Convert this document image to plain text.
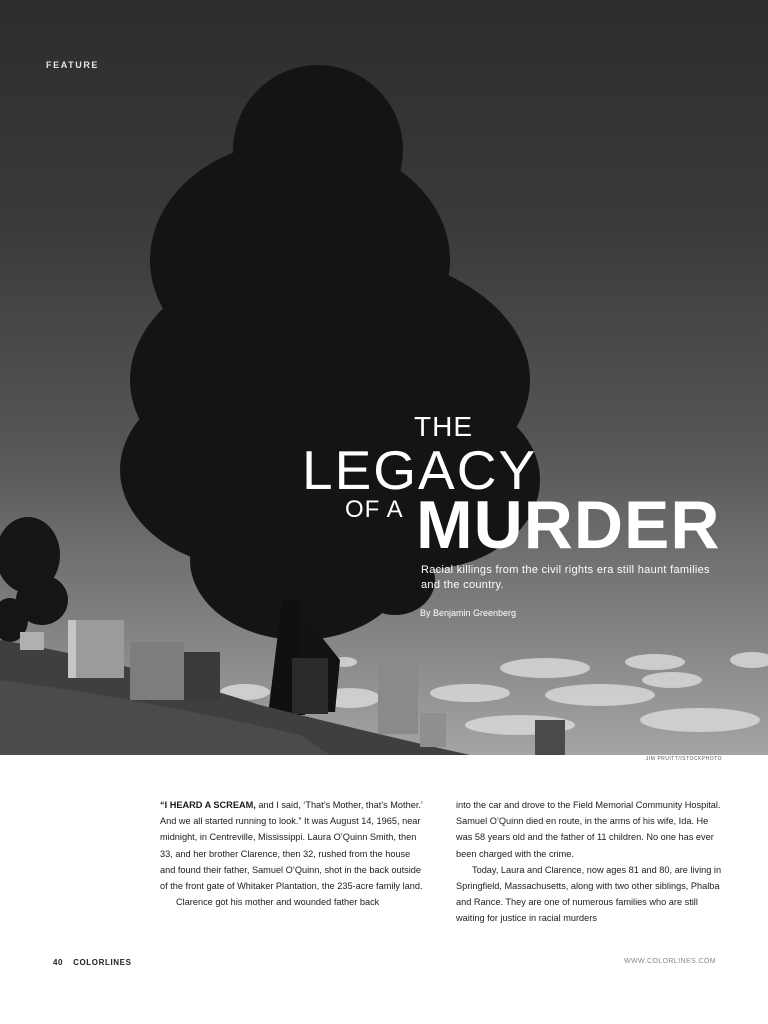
FEATURE
THE
LEGACY
OF A MURDER
Racial killings from the civil rights era still haunt families and the country.
By Benjamin Greenberg
JIM PRUITT/ISTOCKPHOTO

“I HEARD A SCREAM, and I said, ‘That’s Mother, that’s Mother.’ And we all started running to look.” It was August 14, 1965, near midnight, in Centreville, Mississippi. Laura O’Quinn Smith, then 33, and her brother Clarence, then 32, rushed from the house and found their father, Samuel O’Quinn, shot in the back outside of the front gate of Whitaker Plantation, the 235-acre family land.

Clarence got his mother and wounded father back

into the car and drove to the Field Memorial Community Hospital. Samuel O’Quinn died en route, in the arms of his wife, Ida. He was 58 years old and the father of 11 children. No one has ever been charged with the crime.

Today, Laura and Clarence, now ages 81 and 80, are living in Springfield, Massachusetts, along with two other siblings, Phalba and Rance. They are one of numerous families who are still waiting for justice in racial murders

40 COLORLINES	WWW.COLORLINES.COM
